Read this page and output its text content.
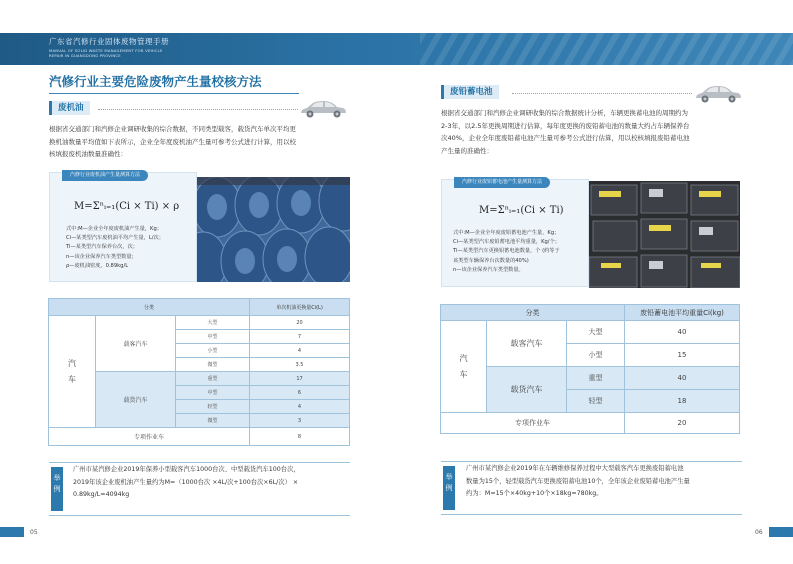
广东省汽修行业固体废物管理手册
MANUAL OF SOLID WASTE MANAGEMENT FOR VEHICLE
REPAIR IN GUANGDONG PROVINCE
汽修行业主要危险废物产生量校核方法
废机油
根据省交通部门和汽修企业调研收集的综合数据，不同类型载客，载货汽车单次平均更
换机油数量平均值如下表所示，企业全年度废机油产生量可参考公式进行计算，用以校
核填报废机油数量准确性：
汽修行业废机油产生量测算方法
M=Σⁿᵢ₌₁(Ci × Ti) × ρ
式中:M—企业全年度废机油产生量，Kg；
Ci—某类型汽车废机油平均产生量，L/次；
Ti—某类型汽车保养台次，次；
n—该企业保养汽车类型数量；
ρ—废机油密度，0.89kg/L
分类			单次机油更换量Ci(L)

汽
车	载客汽车	大型	20
		中型	7
		小型	4
		微型	3.5
	载货汽车	重型	17
		中型	6
		轻型	4
		微型	3
专项作业车			8
举
例
广州市某汽修企业2019年保养小型载客汽车1000台次、中型载货汽车100台次，
2019年该企业废机油产生量约为M=（1000台次 ×4L/次+100台次×6L/次） ×
0.89kg/L=4094kg
05
废铅蓄电池
根据省交通部门和汽修企业调研收集的综合数据统计分析，车辆更换蓄电池的周期约为
2-3年，以2.5年更换周期进行估算，每年度更换的废铅蓄电池的数量大约占车辆保养台
次40%，企业全年度废铅蓄电池产生量可参考公式进行估算，用以校核填报废铅蓄电池
产生量的准确性：
汽修行业废铅蓄电池产生量测算方法
M=Σⁿᵢ₌₁(Ci × Ti)
式中:M—企业全年度废铅蓄电池产生量，Kg；
Ci—某类型汽车废铅蓄电池平均重量，Kg/个；
Ti—某类型汽车更换铅蓄电池数量，个 (约等于
该类型车辆保养台次数量的40%)
n—该企业保养汽车类型数量。
分类			废铅蓄电池平均重量Ci(kg)

汽
车	载客汽车	大型	40
		小型	15
	载货汽车	重型	40
		轻型	18
专项作业车			20
举
例
广州市某汽修企业2019年在车辆维修保养过程中大型载客汽车更换废铅蓄电池
数量为15个，轻型载货汽车更换废铅蓄电池10个，全年该企业废铅蓄电池产生量
约为：M=15个×40kg+10个×18kg=780kg。
06
